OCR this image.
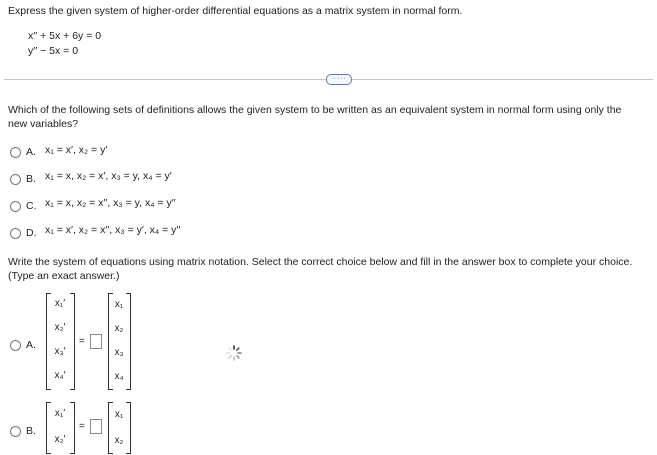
Express the given system of higher-order differential equations as a matrix system in normal form.
x′′ + 5x + 6y = 0
y′′ − 5x = 0
·····
Which of the following sets of definitions allows the given system to be written as an equivalent system in normal form using only the
new variables?
A. x₁ = x′, x₂ = y′
B. x₁ = x, x₂ = x′, x₃ = y, x₄ = y′
C. x₁ = x, x₂ = x′′, x₃ = y, x₄ = y′′
D. x₁ = x′, x₂ = x′′, x₃ = y′, x₄ = y′′
Write the system of equations using matrix notation. Select the correct choice below and fill in the answer box to complete your choice.
(Type an exact answer.)
A.
x₁′
x₂′
x₃′
x₄′
=
x₁
x₂
x₃
x₄
B.
x₁′
x₂′
=
x₁
x₂
